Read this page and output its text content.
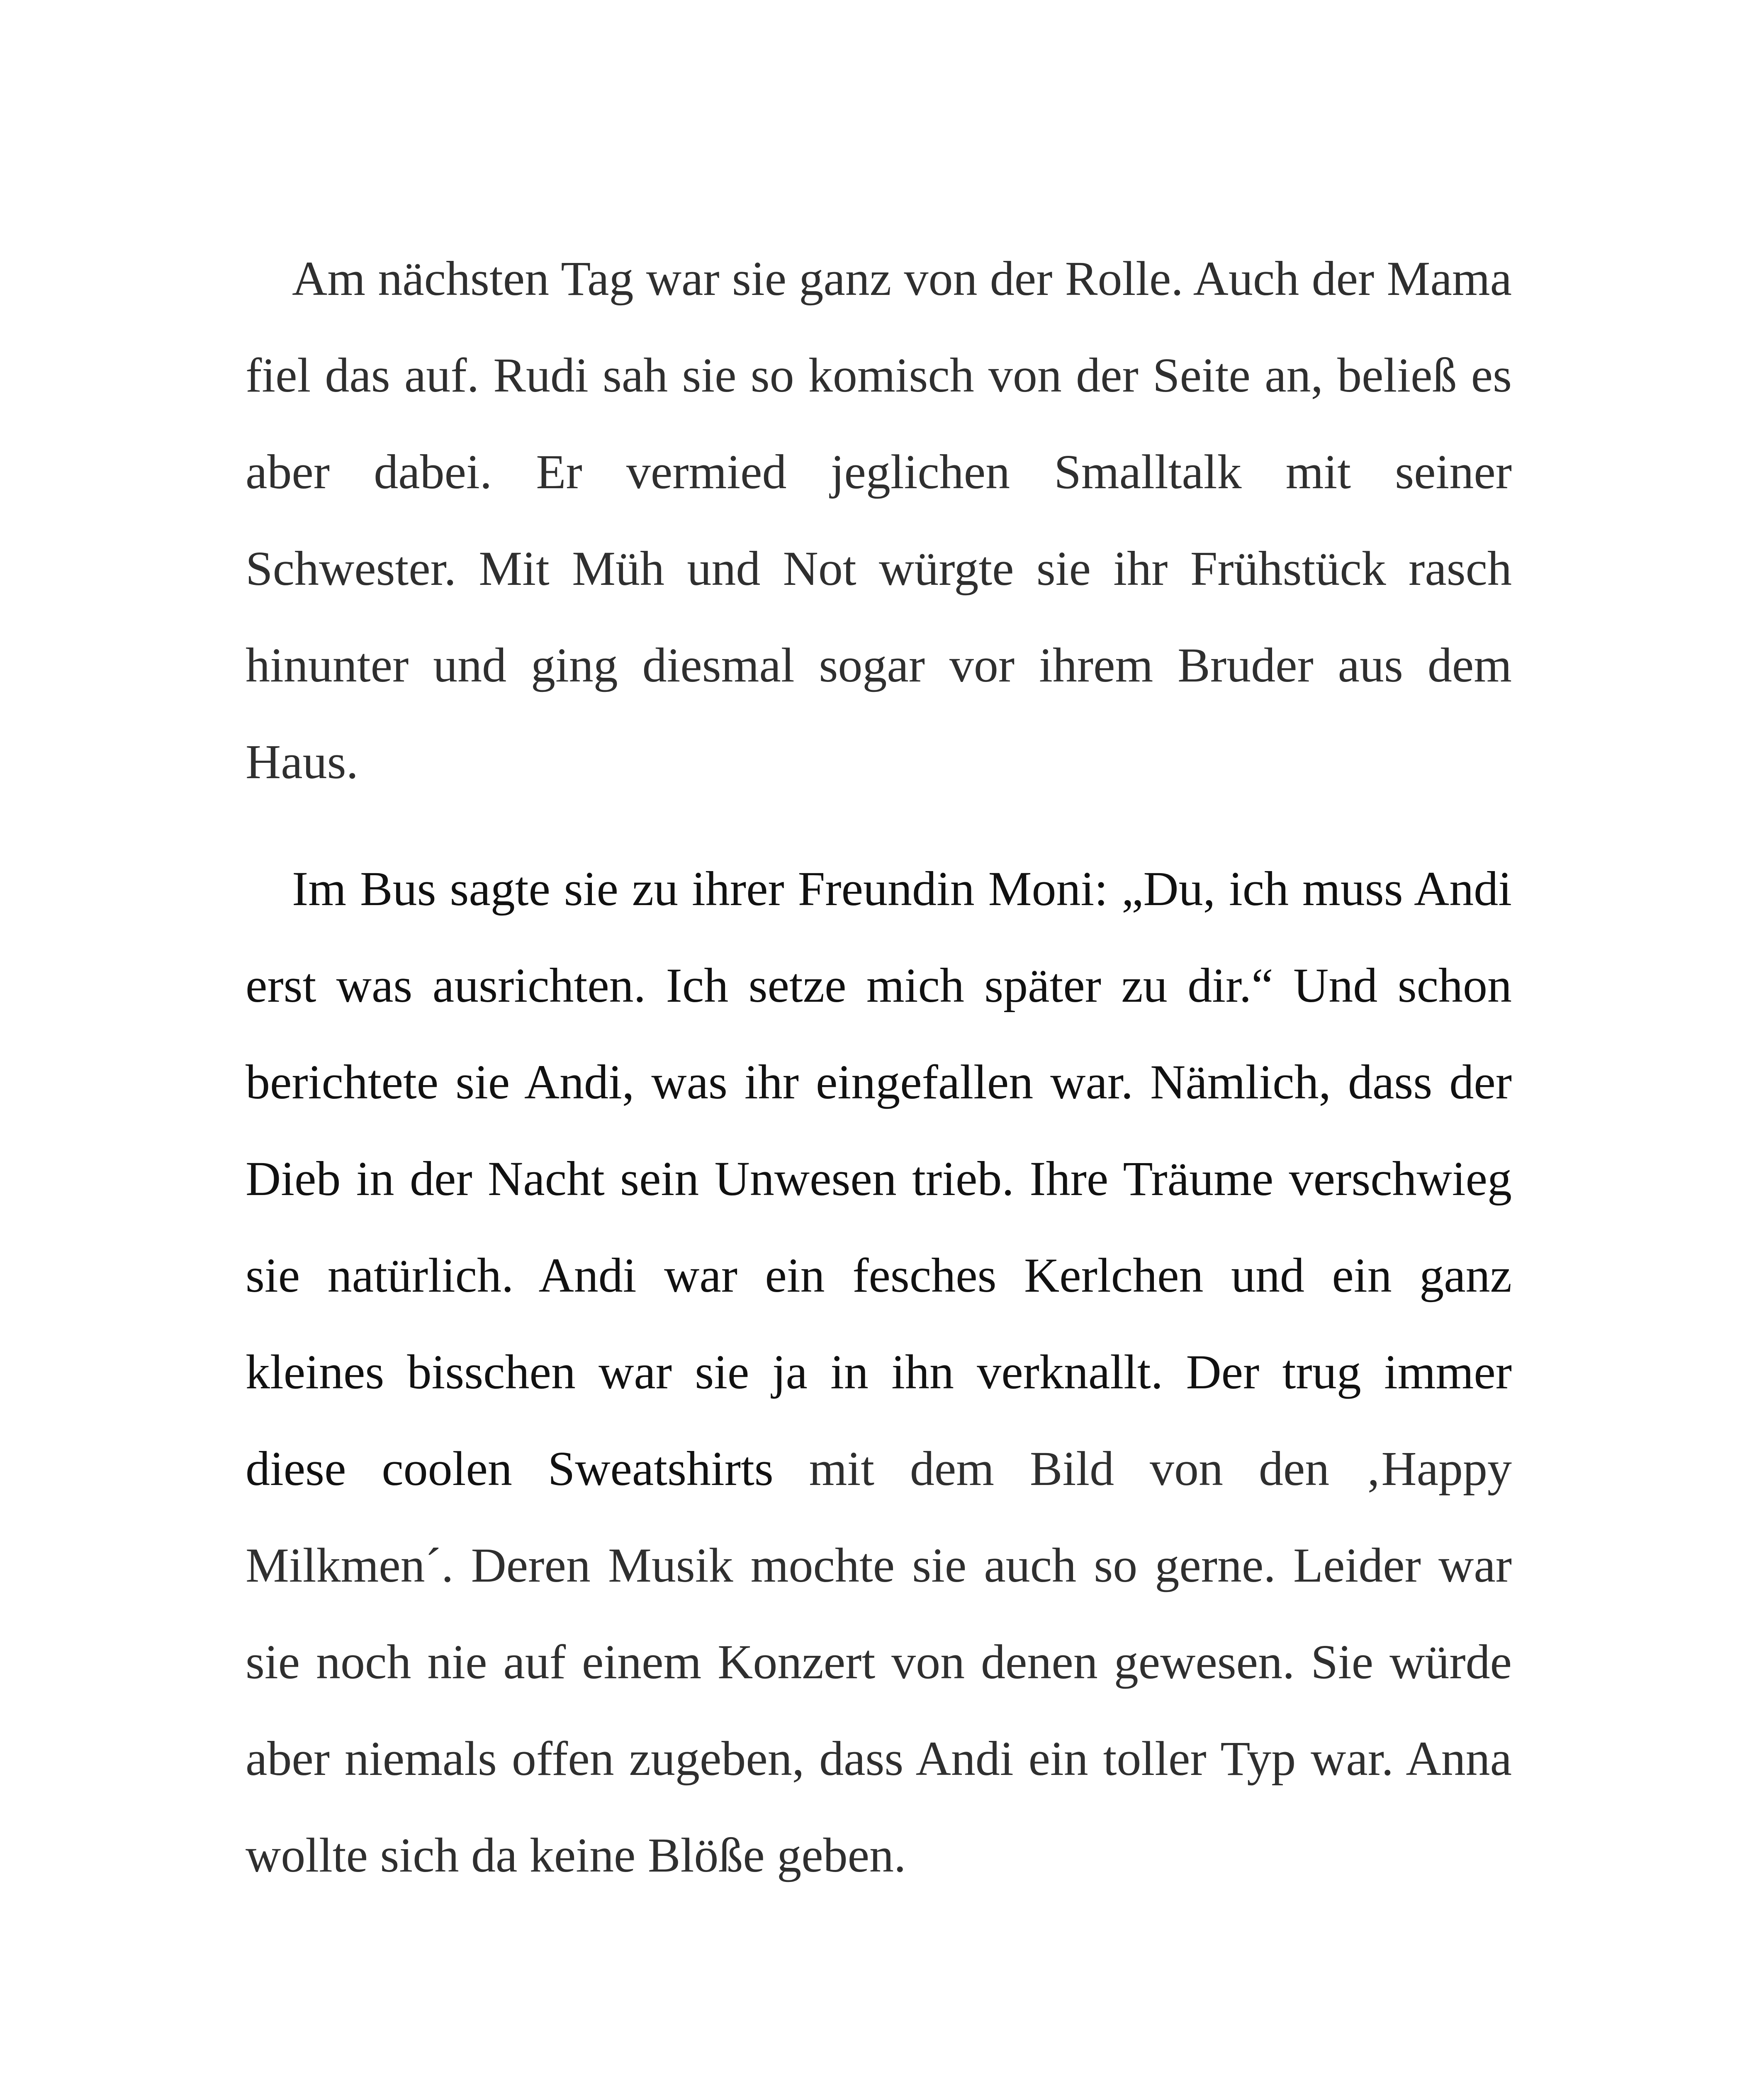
Am nächsten Tag war sie ganz von der Rolle. Auch der Mama fiel das auf. Rudi sah sie so komisch von der Seite an, beließ es aber dabei. Er vermied jeglichen Smalltalk mit seiner Schwester. Mit Müh und Not würgte sie ihr Frühstück rasch hinunter und ging diesmal sogar vor ihrem Bruder aus dem Haus.

Im Bus sagte sie zu ihrer Freundin Moni: „Du, ich muss Andi erst was ausrichten. Ich setze mich später zu dir.“ Und schon berichtete sie Andi, was ihr eingefallen war. Nämlich, dass der Dieb in der Nacht sein Unwesen trieb. Ihre Träume verschwieg sie natürlich. Andi war ein fesches Kerlchen und ein ganz kleines bisschen war sie ja in ihn verknallt. Der trug immer diese coolen Sweatshirts mit dem Bild von den ‚Happy Milkmen´. Deren Musik mochte sie auch so gerne. Leider war sie noch nie auf einem Konzert von denen gewesen. Sie würde aber niemals offen zugeben, dass Andi ein toller Typ war. Anna wollte sich da keine Blöße geben.
